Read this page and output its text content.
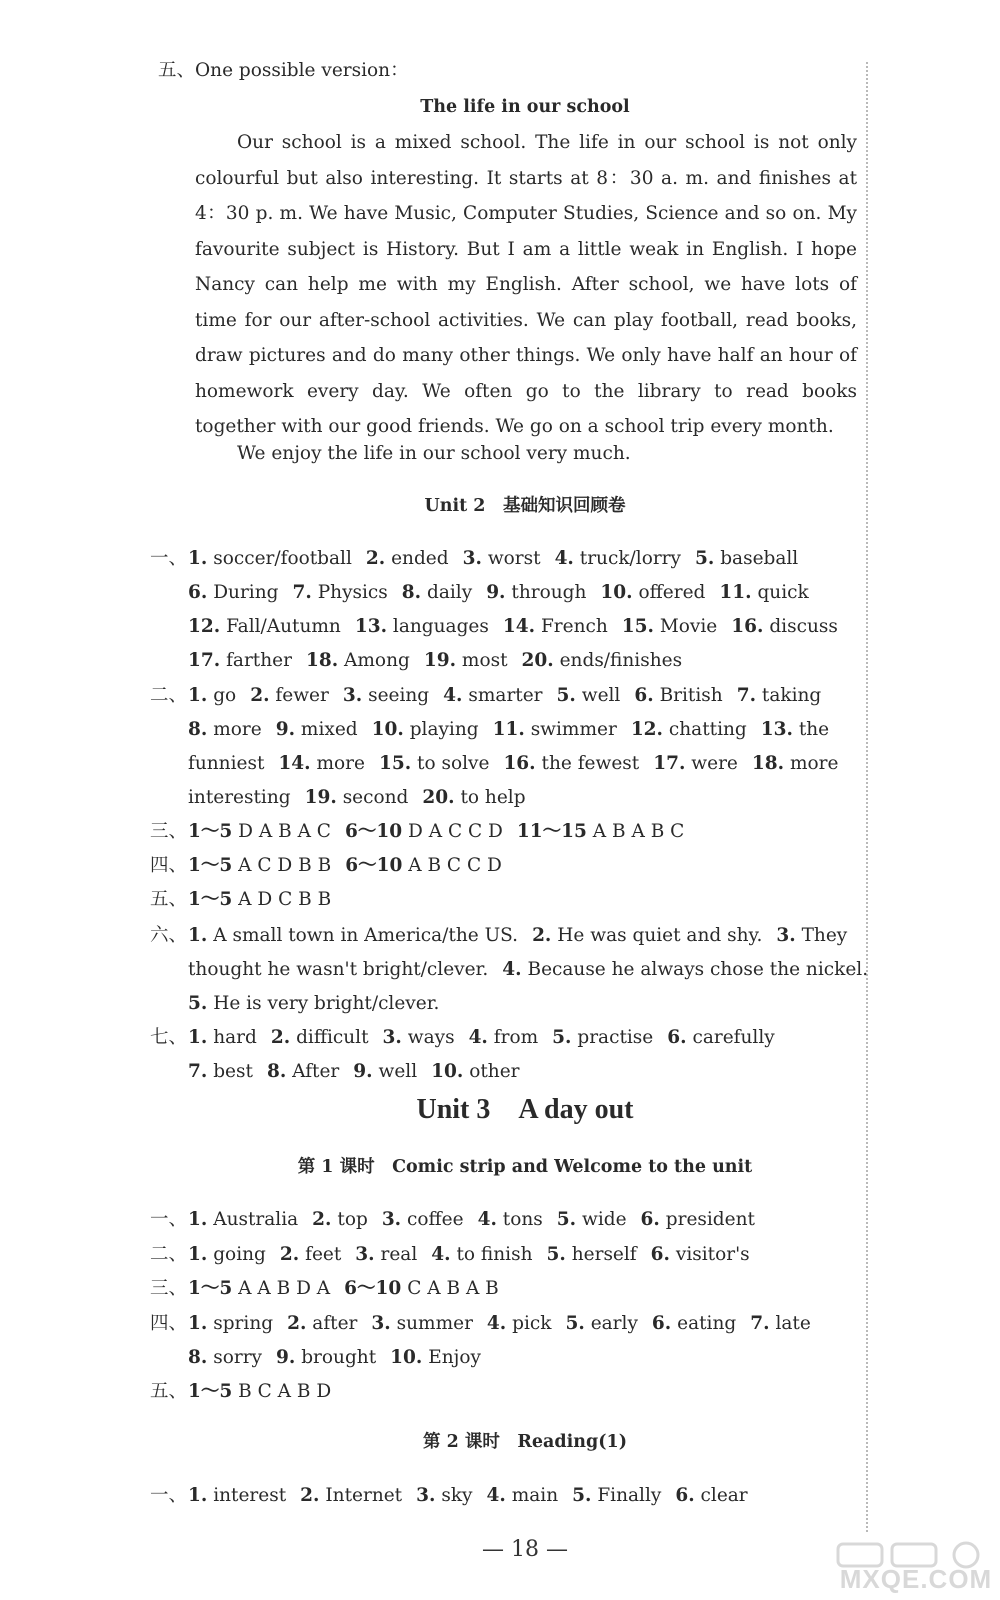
五、One possible version：
The life in our school
Our school is a mixed school. The life in our school is not only colourful but also interesting. It starts at 8：30 a. m. and finishes at 4：30 p. m. We have Music, Computer Studies, Science and so on. My favourite subject is History. But I am a little weak in English. I hope Nancy can help me with my English. After school, we have lots of time for our after-school activities. We can play football, read books, draw pictures and do many other things. We only have half an hour of homework every day. We often go to the library to read books together with our good friends. We go on a school trip every month.
We enjoy the life in our school very much.
Unit 2　基础知识回顾卷
Unit 3　A day out
第 1 课时　Comic strip and Welcome to the unit
第 2 课时　Reading(1)
一、 1. soccer/football 2. ended 3. worst 4. truck/lorry 5. baseball
6. During 7. Physics 8. daily 9. through 10. offered 11. quick
12. Fall/Autumn 13. languages 14. French 15. Movie 16. discuss
17. farther 18. Among 19. most 20. ends/finishes
二、 1. go 2. fewer 3. seeing 4. smarter 5. well 6. British 7. taking
8. more 9. mixed 10. playing 11. swimmer 12. chatting 13. the
funniest 14. more 15. to solve 16. the fewest 17. were 18. more
interesting 19. second 20. to help
三、 1～5 D A B A C 6～10 D A C C D 11～15 A B A B C
四、 1～5 A C D B B 6～10 A B C C D
五、 1～5 A D C B B
六、 1. A small town in America/the US. 2. He was quiet and shy. 3. They
thought he wasn't bright/clever. 4. Because he always chose the nickel.
5. He is very bright/clever.
七、 1. hard 2. difficult 3. ways 4. from 5. practise 6. carefully
7. best 8. After 9. well 10. other
一、 1. Australia 2. top 3. coffee 4. tons 5. wide 6. president
二、 1. going 2. feet 3. real 4. to finish 5. herself 6. visitor's
三、 1～5 A A B D A 6～10 C A B A B
四、 1. spring 2. after 3. summer 4. pick 5. early 6. eating 7. late
8. sorry 9. brought 10. Enjoy
五、 1～5 B C A B D
一、 1. interest 2. Internet 3. sky 4. main 5. Finally 6. clear
— 18 —
MXQE.COM
